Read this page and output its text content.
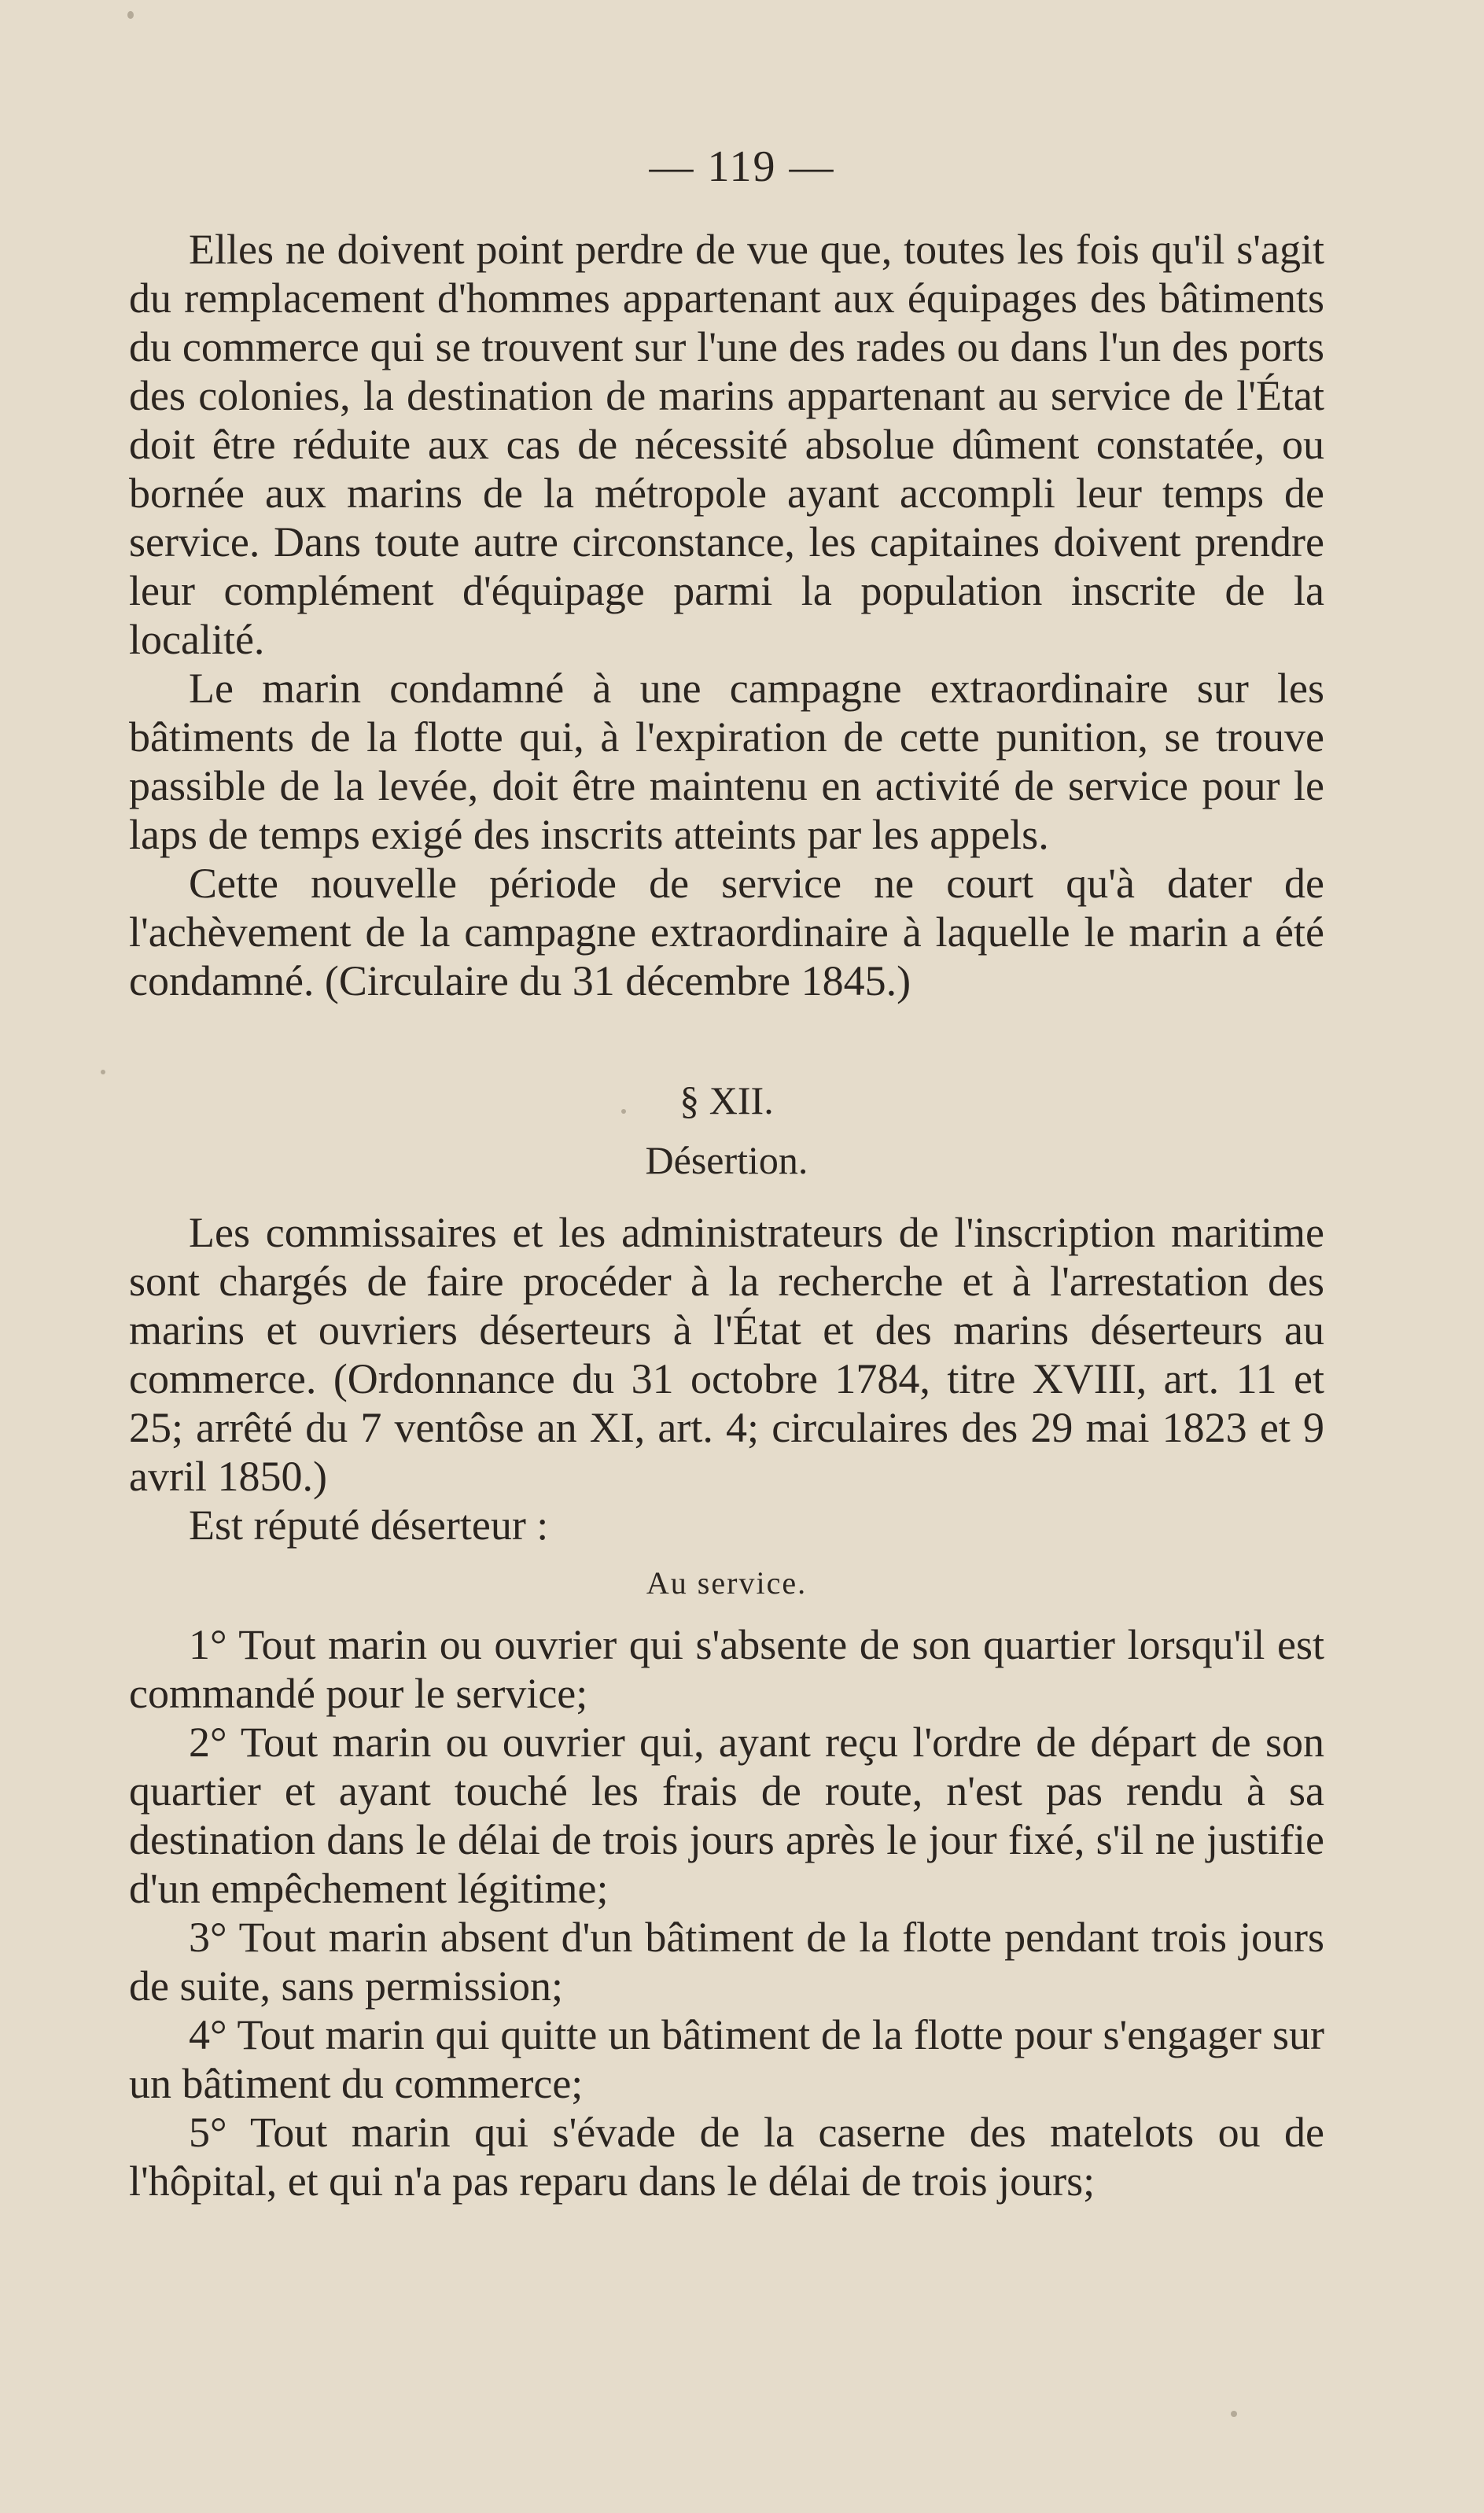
— 119 —

Elles ne doivent point perdre de vue que, toutes les fois qu'il s'agit du remplacement d'hommes appartenant aux équipages des bâtiments du commerce qui se trouvent sur l'une des rades ou dans l'un des ports des colonies, la destination de marins appartenant au service de l'État doit être réduite aux cas de nécessité absolue dûment constatée, ou bornée aux marins de la métropole ayant accompli leur temps de service. Dans toute autre circonstance, les capitaines doivent prendre leur complément d'équipage parmi la population inscrite de la localité.

Le marin condamné à une campagne extraordinaire sur les bâtiments de la flotte qui, à l'expiration de cette punition, se trouve passible de la levée, doit être maintenu en activité de service pour le laps de temps exigé des inscrits atteints par les appels.

Cette nouvelle période de service ne court qu'à dater de l'achèvement de la campagne extraordinaire à laquelle le marin a été condamné. (Circulaire du 31 décembre 1845.)

§ XII.

Désertion.

Les commissaires et les administrateurs de l'inscription maritime sont chargés de faire procéder à la recherche et à l'arrestation des marins et ouvriers déserteurs à l'État et des marins déserteurs au commerce. (Ordonnance du 31 octobre 1784, titre XVIII, art. 11 et 25; arrêté du 7 ventôse an XI, art. 4; circulaires des 29 mai 1823 et 9 avril 1850.)

Est réputé déserteur :

Au service.

1° Tout marin ou ouvrier qui s'absente de son quartier lorsqu'il est commandé pour le service;

2° Tout marin ou ouvrier qui, ayant reçu l'ordre de départ de son quartier et ayant touché les frais de route, n'est pas rendu à sa destination dans le délai de trois jours après le jour fixé, s'il ne justifie d'un empêchement légitime;

3° Tout marin absent d'un bâtiment de la flotte pendant trois jours de suite, sans permission;

4° Tout marin qui quitte un bâtiment de la flotte pour s'engager sur un bâtiment du commerce;

5° Tout marin qui s'évade de la caserne des matelots ou de l'hôpital, et qui n'a pas reparu dans le délai de trois jours;
